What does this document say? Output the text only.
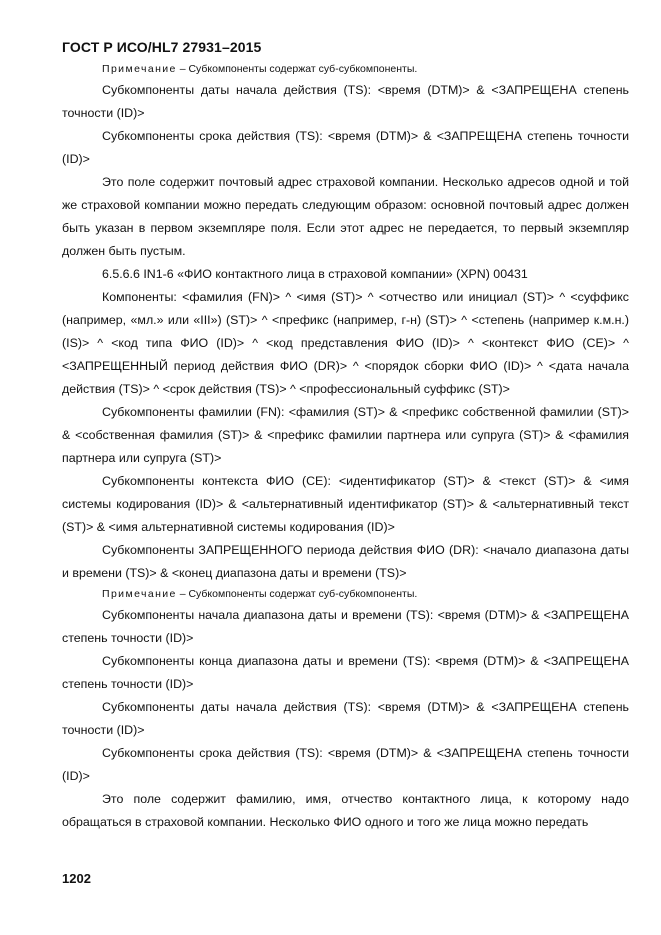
ГОСТ Р ИСО/HL7 27931–2015

Примечание – Субкомпоненты содержат суб-субкомпоненты.

Субкомпоненты даты начала действия (TS): <время (DTM)> & <ЗАПРЕЩЕНА степень точности (ID)>

Субкомпоненты срока действия (TS): <время (DTM)> & <ЗАПРЕЩЕНА степень точности (ID)>

Это поле содержит почтовый адрес страховой компании. Несколько адресов одной и той же страховой компании можно передать следующим образом: основной почтовый адрес должен быть указан в первом экземпляре поля. Если этот адрес не передается, то первый экземпляр должен быть пустым.

6.5.6.6 IN1-6 «ФИО контактного лица в страховой компании» (XPN) 00431

Компоненты: <фамилия (FN)> ^ <имя (ST)> ^ <отчество или инициал (ST)> ^ <суффикс (например, «мл.» или «III») (ST)> ^ <префикс (например, г-н) (ST)> ^ <степень (например к.м.н.) (IS)> ^ <код типа ФИО (ID)> ^ <код представления ФИО (ID)> ^ <контекст ФИО (CE)> ^ <ЗАПРЕЩЕННЫЙ период действия ФИО (DR)> ^ <порядок сборки ФИО (ID)> ^ <дата начала действия (TS)> ^ <срок действия (TS)> ^ <профессиональный суффикс (ST)>

Субкомпоненты фамилии (FN): <фамилия (ST)> & <префикс собственной фамилии (ST)> & <собственная фамилия (ST)> & <префикс фамилии партнера или супруга (ST)> & <фамилия партнера или супруга (ST)>

Субкомпоненты контекста ФИО (CE): <идентификатор (ST)> & <текст (ST)> & <имя системы кодирования (ID)> & <альтернативный идентификатор (ST)> & <альтернативный текст (ST)> & <имя альтернативной системы кодирования (ID)>

Субкомпоненты ЗАПРЕЩЕННОГО периода действия ФИО (DR): <начало диапазона даты и времени (TS)> & <конец диапазона даты и времени (TS)>

Примечание – Субкомпоненты содержат суб-субкомпоненты.

Субкомпоненты начала диапазона даты и времени (TS): <время (DTM)> & <ЗАПРЕЩЕНА степень точности (ID)>

Субкомпоненты конца диапазона даты и времени (TS): <время (DTM)> & <ЗАПРЕЩЕНА степень точности (ID)>

Субкомпоненты даты начала действия (TS): <время (DTM)> & <ЗАПРЕЩЕНА степень точности (ID)>

Субкомпоненты срока действия (TS): <время (DTM)> & <ЗАПРЕЩЕНА степень точности (ID)>

Это поле содержит фамилию, имя, отчество контактного лица, к которому надо обращаться в страховой компании. Несколько ФИО одного и того же лица можно передать

1202
